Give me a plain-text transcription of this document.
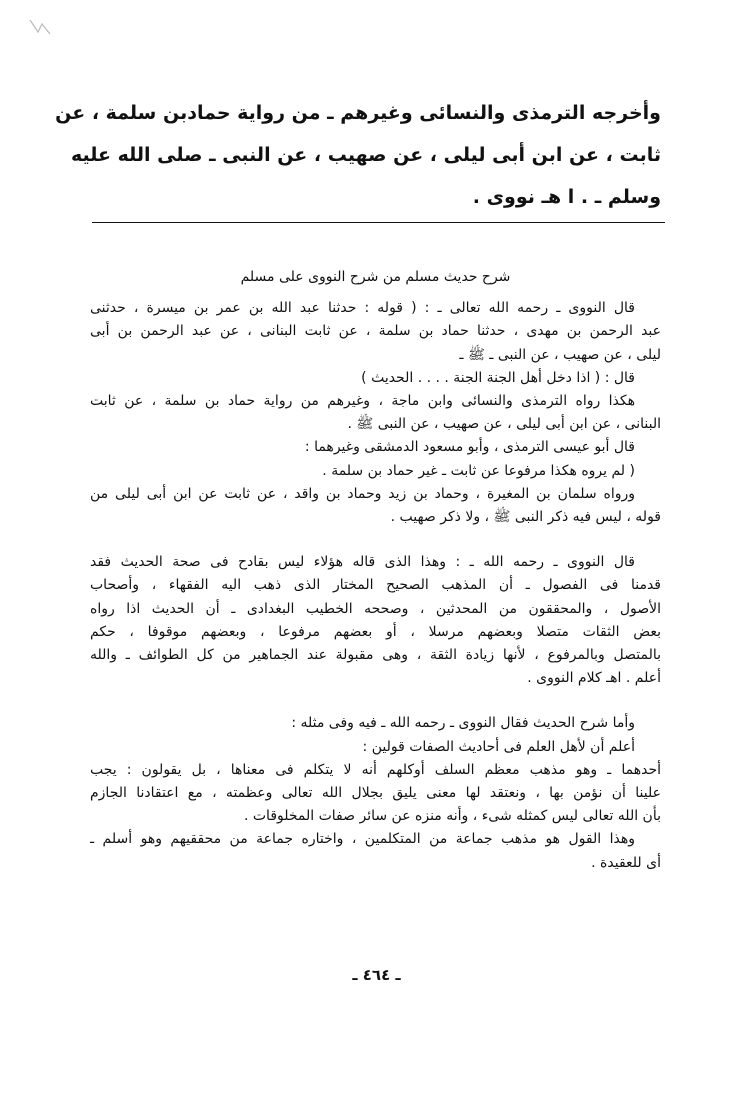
وأخرجه الترمذى والنسائى وغيرهم ـ من رواية حمادبن سلمة ، عن
ثابت ، عن ابن أبى ليلى ، عن صهيب ، عن النبى ـ صلى الله عليه
وسلم ـ . ا هـ نووى .
شرح حديث مسلم من شرح النووى على مسلم
قال النووى ـ رحمه الله تعالى ـ : ( قوله : حدثنا عبد الله بن عمر بن ميسرة ، حدثنى
عبد الرحمن بن مهدى ، حدثنا حماد بن سلمة ، عن ثابت البنانى ، عن عبد الرحمن بن أبى
ليلى ، عن صهيب ، عن النبى ـ ﷺ ـ
قال : ( اذا دخل أهل الجنة الجنة . . . . الحديث )
هكذا رواه الترمذى والنسائى وابن ماجة ، وغيرهم من رواية حماد بن سلمة ، عن ثابت
البنانى ، عن ابن أبى ليلى ، عن صهيب ، عن النبى ﷺ .
قال أبو عيسى الترمذى ، وأبو مسعود الدمشقى وغيرهما :
( لم يروه هكذا مرفوعا عن ثابت ـ غير حماد بن سلمة .
ورواه سلمان بن المغيرة ، وحماد بن زيد وحماد بن واقد ، عن ثابت عن ابن أبى ليلى من
قوله ، ليس فيه ذكر النبى ﷺ ، ولا ذكر صهيب .
قال النووى ـ رحمه الله ـ : وهذا الذى قاله هؤلاء ليس بقادح فى صحة الحديث فقد
قدمنا فى الفصول ـ أن المذهب الصحيح المختار الذى ذهب اليه الفقهاء ، وأصحاب
الأصول ، والمحققون من المحدثين ، وصححه الخطيب البغدادى ـ أن الحديث اذا رواه
بعض الثقات متصلا وبعضهم مرسلا ، أو بعضهم مرفوعا ، وبعضهم موقوفا ، حكم
بالمتصل وبالمرفوع ، لأنها زيادة الثقة ، وهى مقبولة عند الجماهير من كل الطوائف ـ والله
أعلم . اهـ كلام النووى .
وأما شرح الحديث فقال النووى ـ رحمه الله ـ فيه وفى مثله :
أعلم أن لأهل العلم فى أحاديث الصفات قولين :
أحدهما ـ وهو مذهب معظم السلف أوكلهم أنه لا يتكلم فى معناها ، بل يقولون : يجب
علينا أن نؤمن بها ، ونعتقد لها معنى يليق بجلال الله تعالى وعظمته ، مع اعتقادنا الجازم
بأن الله تعالى ليس كمثله شىء ، وأنه منزه عن سائر صفات المخلوقات .
وهذا القول هو مذهب جماعة من المتكلمين ، واختاره جماعة من محققيهم وهو أسلم ـ
أى للعقيدة .
ـ ٤٦٤ ـ
